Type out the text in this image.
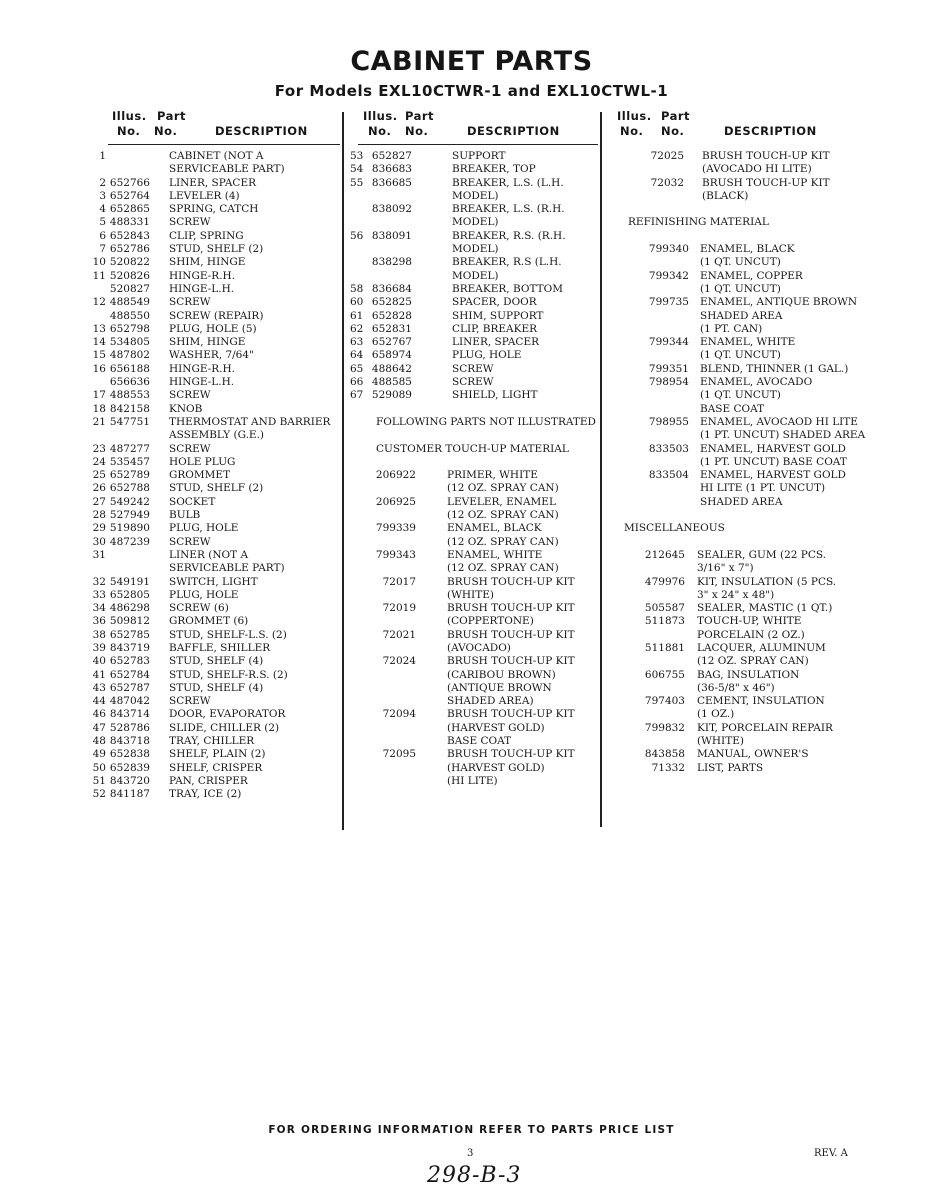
CABINET PARTS
For Models EXL10CTWR-1 and EXL10CTWL-1
Illus. Part
No. No.	DESCRIPTION
1	CABINET (NOT A
SERVICEABLE PART)
2 652766 LINER, SPACER
3 652764 LEVELER (4)
4 652865 SPRING, CATCH
5 488331 SCREW
6 652843 CLIP, SPRING
7 652786 STUD, SHELF (2)
10 520822 SHIM, HINGE
11 520826 HINGE-R.H.
520827 HINGE-L.H.
12 488549 SCREW
488550 SCREW (REPAIR)
13 652798 PLUG, HOLE (5)
14 534805 SHIM, HINGE
15 487802 WASHER, 7/64"
16 656188 HINGE-R.H.
656636 HINGE-L.H.
17 488553 SCREW
18 842158 KNOB
21 547751 THERMOSTAT AND BARRIER
ASSEMBLY (G.E.)
23 487277 SCREW
24 535457 HOLE PLUG
25 652789 GROMMET
26 652788 STUD, SHELF (2)
27 549242 SOCKET
28 527949 BULB
29 519890 PLUG, HOLE
30 487239 SCREW
31	LINER (NOT A
SERVICEABLE PART)
32 549191 SWITCH, LIGHT
33 652805 PLUG, HOLE
34 486298 SCREW (6)
36 509812 GROMMET (6)
38 652785 STUD, SHELF-L.S. (2)
39 843719 BAFFLE, SHILLER
40 652783 STUD, SHELF (4)
41 652784 STUD, SHELF-R.S. (2)
43 652787 STUD, SHELF (4)
44 487042 SCREW
46 843714 DOOR, EVAPORATOR
47 528786 SLIDE, CHILLER (2)
48 843718 TRAY, CHILLER
49 652838 SHELF, PLAIN (2)
50 652839 SHELF, CRISPER
51 843720 PAN, CRISPER
52 841187 TRAY, ICE (2)
Illus. Part
No. No.	DESCRIPTION
53 652827	SUPPORT
54 836683	BREAKER, TOP
55 836685	BREAKER, L.S. (L.H.
MODEL)
838092	BREAKER, L.S. (R.H.
MODEL)
56 838091	BREAKER, R.S. (R.H.
MODEL)
838298	BREAKER, R.S (L.H.
MODEL)
58 836684	BREAKER, BOTTOM
60 652825	SPACER, DOOR
61 652828	SHIM, SUPPORT
62 652831	CLIP, BREAKER
63 652767	LINER, SPACER
64 658974	PLUG, HOLE
65 488642	SCREW
66 488585	SCREW
67 529089	SHIELD, LIGHT
FOLLOWING PARTS NOT ILLUSTRATED
CUSTOMER TOUCH-UP MATERIAL
206922	PRIMER, WHITE
(12 OZ. SPRAY CAN)
206925	LEVELER, ENAMEL
(12 OZ. SPRAY CAN)
799339	ENAMEL, BLACK
(12 OZ. SPRAY CAN)
799343	ENAMEL, WHITE
(12 OZ. SPRAY CAN)
72017	BRUSH TOUCH-UP KIT
(WHITE)
72019	BRUSH TOUCH-UP KIT
(COPPERTONE)
72021	BRUSH TOUCH-UP KIT
(AVOCADO)
72024	BRUSH TOUCH-UP KIT
(CARIBOU BROWN)
(ANTIQUE BROWN
SHADED AREA)
72094	BRUSH TOUCH-UP KIT
(HARVEST GOLD)
BASE COAT
72095	BRUSH TOUCH-UP KIT
(HARVEST GOLD)
(HI LITE)
Illus. Part
No. No.	DESCRIPTION
72025 BRUSH TOUCH-UP KIT
(AVOCADO HI LITE)
72032 BRUSH TOUCH-UP KIT
(BLACK)
REFINISHING MATERIAL
799340 ENAMEL, BLACK
(1 QT. UNCUT)
799342 ENAMEL, COPPER
(1 QT. UNCUT)
799735 ENAMEL, ANTIQUE BROWN
SHADED AREA
(1 PT. CAN)
799344 ENAMEL, WHITE
(1 QT. UNCUT)
799351 BLEND, THINNER (1 GAL.)
798954 ENAMEL, AVOCADO
(1 QT. UNCUT)
BASE COAT
798955 ENAMEL, AVOCAOD HI LITE
(1 PT. UNCUT) SHADED AREA
833503 ENAMEL, HARVEST GOLD
(1 PT. UNCUT) BASE COAT
833504 ENAMEL, HARVEST GOLD
HI LITE (1 PT. UNCUT)
SHADED AREA
MISCELLANEOUS
212645 SEALER, GUM (22 PCS.
3/16" x 7")
479976 KIT, INSULATION (5 PCS.
3" x 24" x 48")
505587 SEALER, MASTIC (1 QT.)
511873 TOUCH-UP, WHITE
PORCELAIN (2 OZ.)
511881 LACQUER, ALUMINUM
(12 OZ. SPRAY CAN)
606755 BAG, INSULATION
(36-5/8" x 46")
797403 CEMENT, INSULATION
(1 OZ.)
799832 KIT, PORCELAIN REPAIR
(WHITE)
843858 MANUAL, OWNER'S
71332 LIST, PARTS
FOR ORDERING INFORMATION REFER TO PARTS PRICE LIST
3	REV. A
298-B-3
